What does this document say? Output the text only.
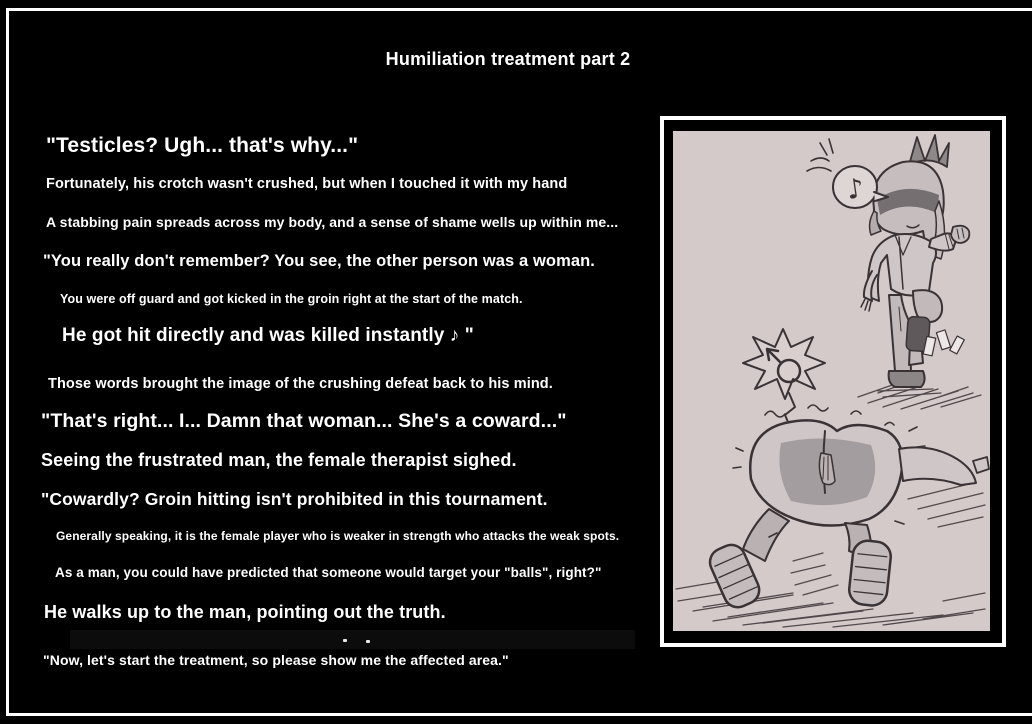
Humiliation treatment part 2
"Testicles? Ugh... that's why..."
Fortunately, his crotch wasn't crushed, but when I touched it with my hand
A stabbing pain spreads across my body, and a sense of shame wells up within me...
"You really don't remember? You see, the other person was a woman.
You were off guard and got kicked in the groin right at the start of the match.
He got hit directly and was killed instantly ♪ "
Those words brought the image of the crushing defeat back to his mind.
"That's right... I... Damn that woman... She's a coward..."
Seeing the frustrated man, the female therapist sighed.
"Cowardly? Groin hitting isn't prohibited in this tournament.
Generally speaking, it is the female player who is weaker in strength who attacks the weak spots.
As a man, you could have predicted that someone would target your "balls", right?"
He walks up to the man, pointing out the truth.
"Now, let's start the treatment, so please show me the affected area."
♪
